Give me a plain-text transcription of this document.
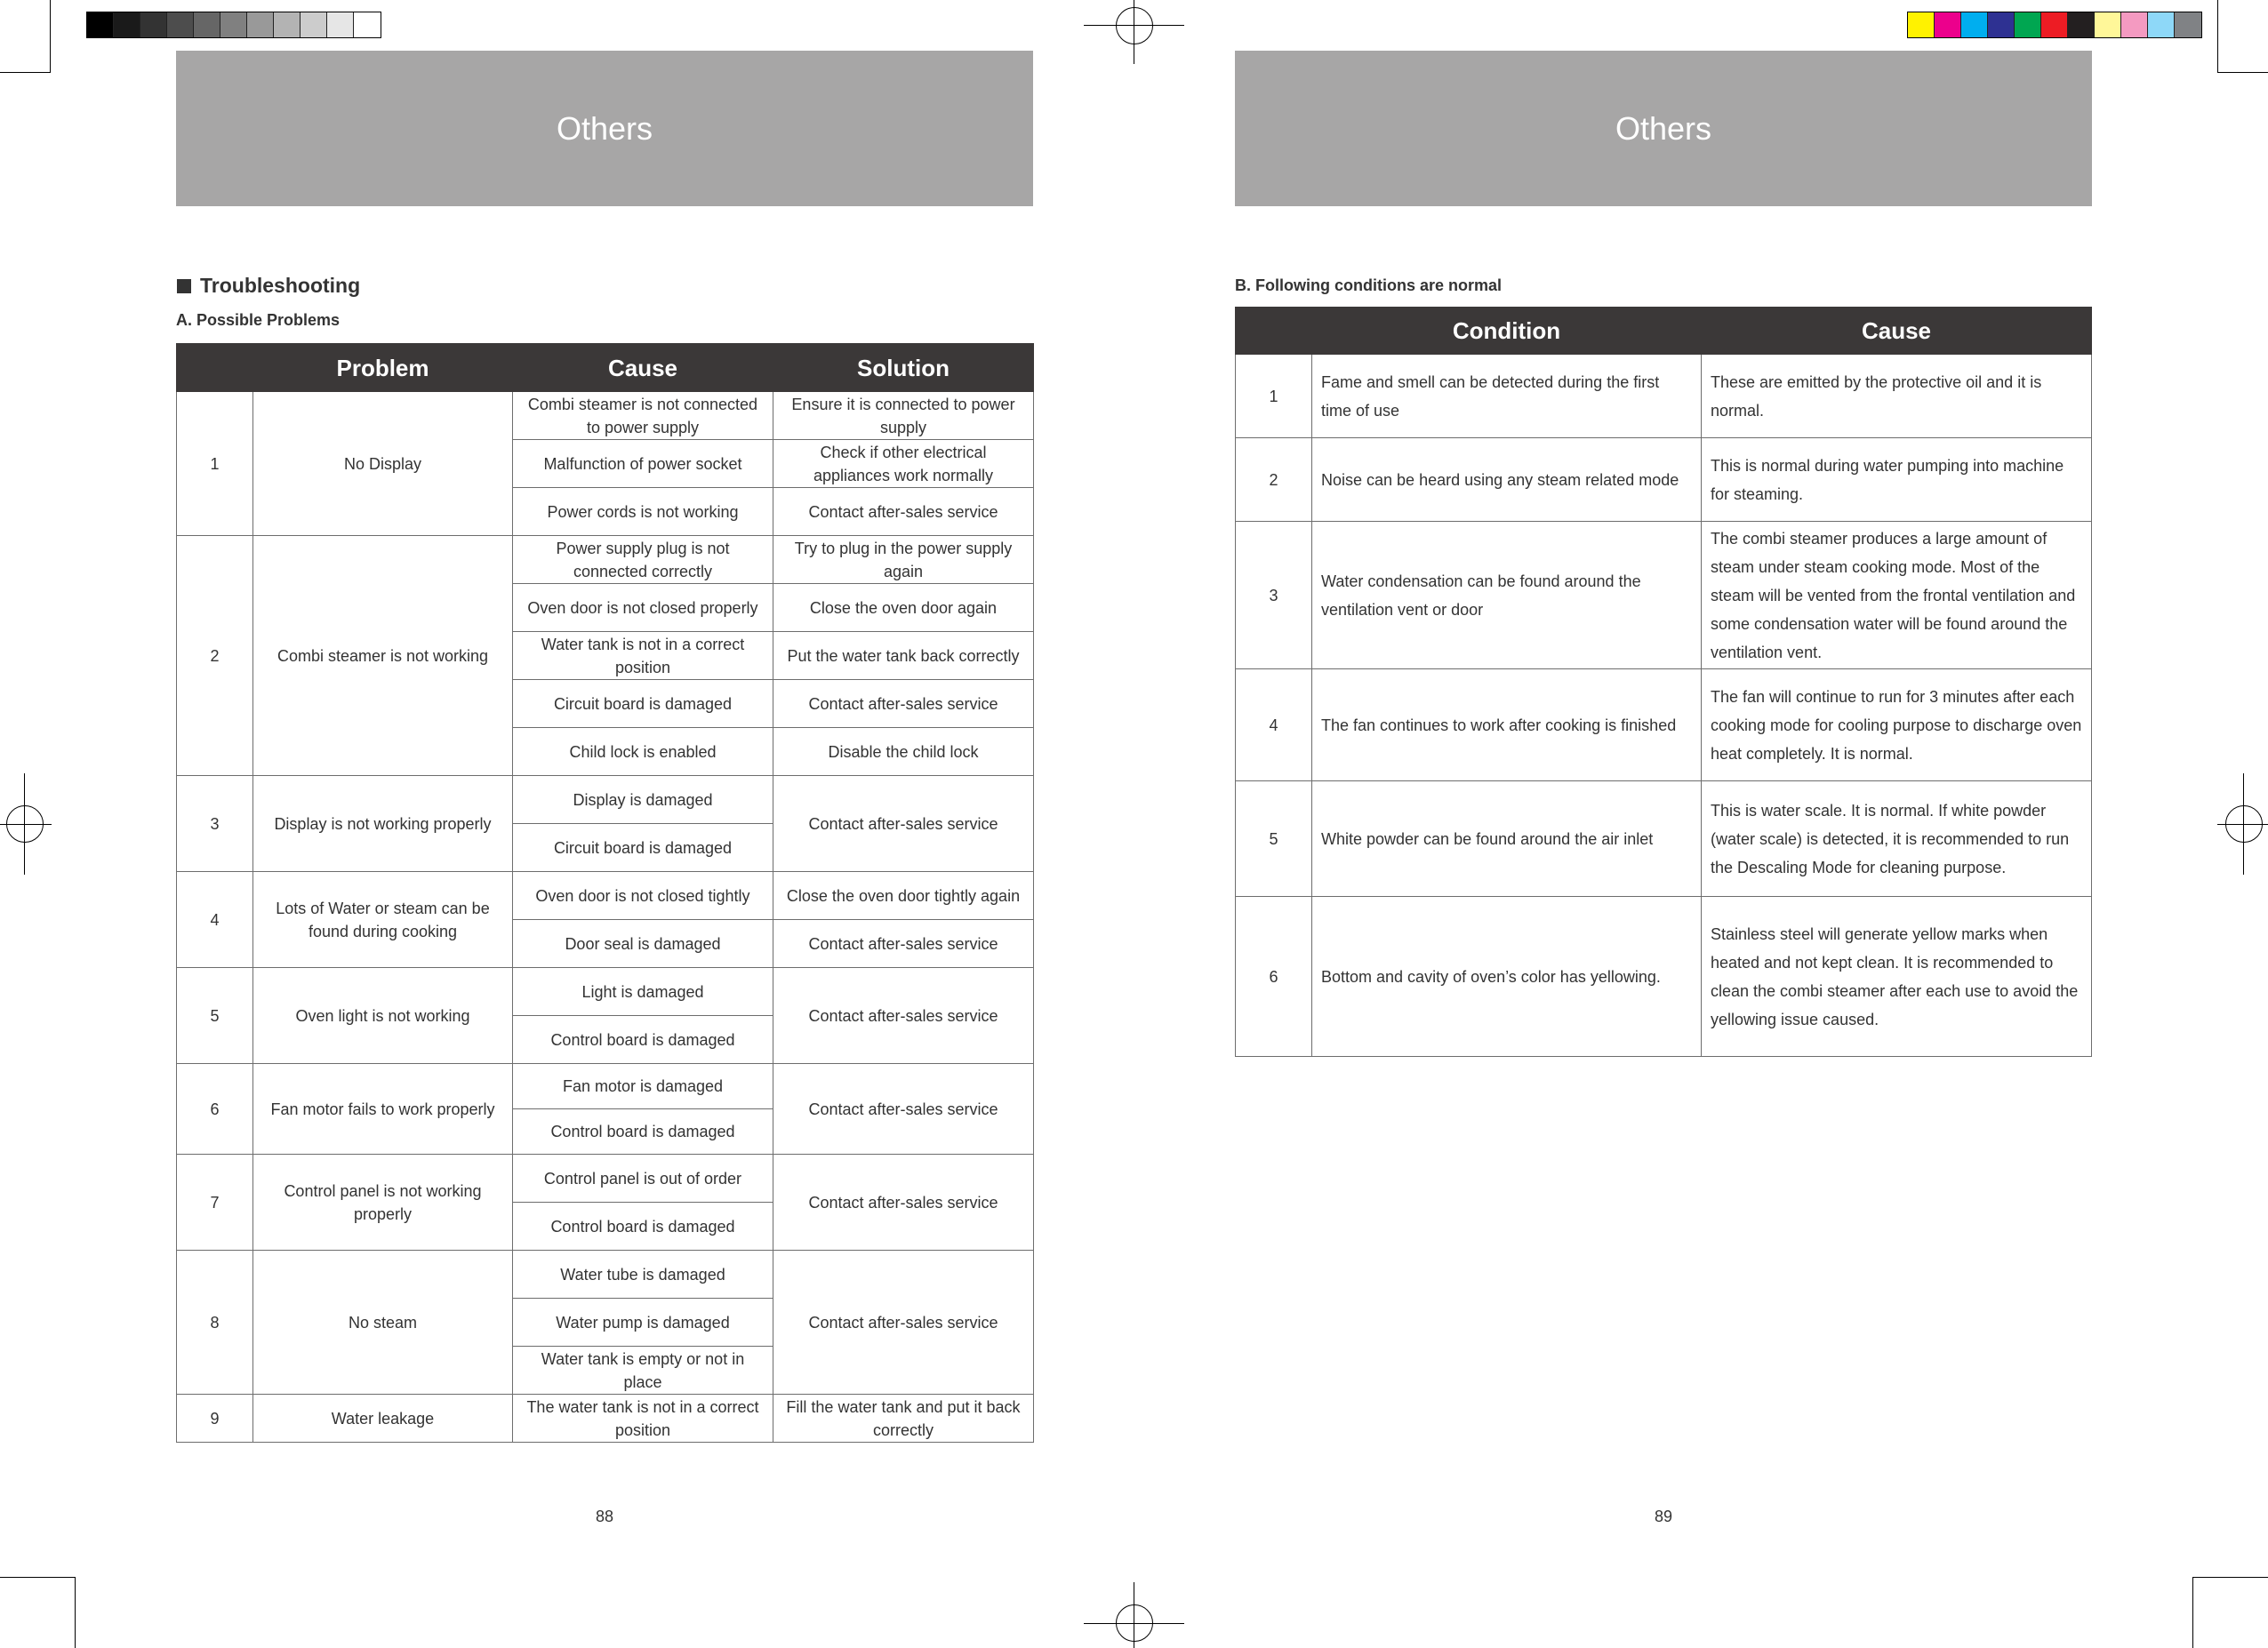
Others
Troubleshooting
A. Possible Problems
	Problem	Cause	Solution
1	No Display	Combi steamer is not connected to power supply	Ensure it is connected to power supply
		Malfunction of power socket	Check if other electrical appliances work normally
		Power cords is not working	Contact after-sales service
2	Combi steamer is not working	Power supply plug is not connected correctly	Try to plug in the power supply again
		Oven door is not closed properly	Close the oven door again
		Water tank is not in a correct position	Put the water tank back correctly
		Circuit board is damaged	Contact after-sales service
		Child lock is enabled	Disable the child lock
3	Display is not working properly	Display is damaged	Contact after-sales service
		Circuit board is damaged	
4	Lots of Water or steam can be found during cooking	Oven door is not closed tightly	Close the oven door tightly again
		Door seal is damaged	Contact after-sales service
5	Oven light is not working	Light is damaged	Contact after-sales service
		Control board is damaged	
6	Fan motor fails to work properly	Fan motor is damaged	Contact after-sales service
		Control board is damaged	
7	Control panel is not working properly	Control panel is out of order	Contact after-sales service
		Control board is damaged	
8	No steam	Water tube is damaged	Contact after-sales service
		Water pump is damaged	
		Water tank is empty or not in place	
9	Water leakage	The water tank is not in a correct position	Fill the water tank and put it back correctly
88
Others
B. Following conditions are normal
	Condition	Cause
1	Fame and smell can be detected during the first time of use	These are emitted by the protective oil and it is normal.
2	Noise can be heard using any steam related mode	This is normal during water pumping into machine for steaming.
3	Water condensation can be found around the ventilation vent or door	The combi steamer produces a large amount of steam under steam cooking mode. Most of the steam will be vented from the frontal ventilation and some condensation water will be found around the ventilation vent.
4	The fan continues to work after cooking is finished	The fan will continue to run for 3 minutes after each cooking mode for cooling purpose to discharge oven heat completely. It is normal.
5	White powder can be found around the air inlet	This is water scale. It is normal. If white powder (water scale) is detected, it is recommended to run the Descaling Mode for cleaning purpose.
6	Bottom and cavity of oven’s color has yellowing.	Stainless steel will generate yellow marks when heated and not kept clean. It is recommended to clean the combi steamer after each use to avoid the yellowing issue caused.
89
